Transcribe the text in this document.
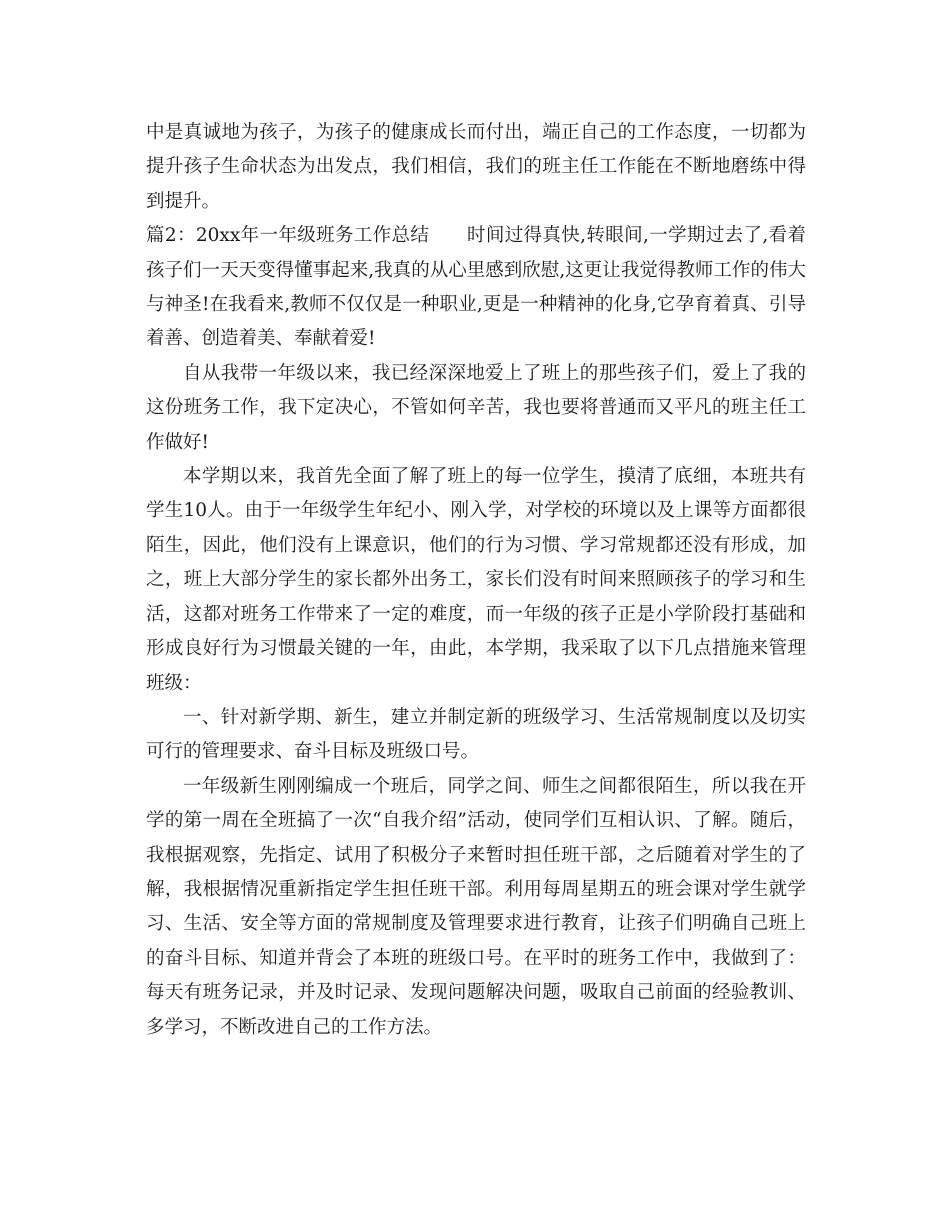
中是真诚地为孩子，为孩子的健康成长而付出，端正自己的工作态度，一切都为提升孩子生命状态为出发点，我们相信，我们的班主任工作能在不断地磨练中得到提升。

篇2：20xx年一年级班务工作总结　　时间过得真快,转眼间,一学期过去了,看着孩子们一天天变得懂事起来,我真的从心里感到欣慰,这更让我觉得教师工作的伟大与神圣!在我看来,教师不仅仅是一种职业,更是一种精神的化身,它孕育着真、引导着善、创造着美、奉献着爱!

自从我带一年级以来，我已经深深地爱上了班上的那些孩子们，爱上了我的这份班务工作，我下定决心，不管如何辛苦，我也要将普通而又平凡的班主任工作做好!

本学期以来，我首先全面了解了班上的每一位学生，摸清了底细，本班共有学生10人。由于一年级学生年纪小、刚入学，对学校的环境以及上课等方面都很陌生，因此，他们没有上课意识，他们的行为习惯、学习常规都还没有形成，加之，班上大部分学生的家长都外出务工，家长们没有时间来照顾孩子的学习和生活，这都对班务工作带来了一定的难度，而一年级的孩子正是小学阶段打基础和形成良好行为习惯最关键的一年，由此，本学期，我采取了以下几点措施来管理班级：

一、针对新学期、新生，建立并制定新的班级学习、生活常规制度以及切实可行的管理要求、奋斗目标及班级口号。

一年级新生刚刚编成一个班后，同学之间、师生之间都很陌生，所以我在开学的第一周在全班搞了一次“自我介绍”活动，使同学们互相认识、了解。随后，我根据观察，先指定、试用了积极分子来暂时担任班干部，之后随着对学生的了解，我根据情况重新指定学生担任班干部。利用每周星期五的班会课对学生就学习、生活、安全等方面的常规制度及管理要求进行教育，让孩子们明确自己班上的奋斗目标、知道并背会了本班的班级口号。在平时的班务工作中，我做到了：每天有班务记录，并及时记录、发现问题解决问题，吸取自己前面的经验教训、多学习，不断改进自己的工作方法。
